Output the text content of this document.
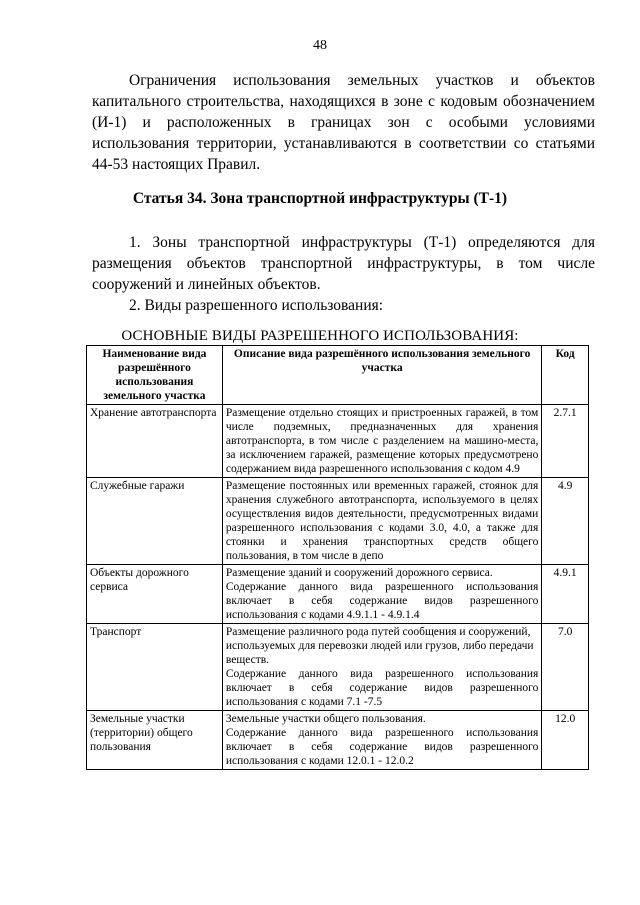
48

Ограничения использования земельных участков и объектов капитального строительства, находящихся в зоне с кодовым обозначением (И-1) и расположенных в границах зон с особыми условиями использования территории, устанавливаются в соответствии со статьями 44-53 настоящих Правил.

Статья 34. Зона транспортной инфраструктуры (Т-1)

1. Зоны транспортной инфраструктуры (Т-1) определяются для размещения объектов транспортной инфраструктуры, в том числе сооружений и линейных объектов.

2. Виды разрешенного использования:

ОСНОВНЫЕ ВИДЫ РАЗРЕШЕННОГО ИСПОЛЬЗОВАНИЯ:
Наименование вида разрешённого использования земельного участка	Описание вида разрешённого использования земельного участка	Код
Хранение автотранспорта	Размещение отдельно стоящих и пристроенных гаражей, в том числе подземных, предназначенных для хранения автотранспорта, в том числе с разделением на машино-места, за исключением гаражей, размещение которых предусмотрено содержанием вида разрешенного использования с кодом 4.9	2.7.1
Служебные гаражи	Размещение постоянных или временных гаражей, стоянок для хранения служебного автотранспорта, используемого в целях осуществления видов деятельности, предусмотренных видами разрешенного использования с кодами 3.0, 4.0, а также для стоянки и хранения транспортных средств общего пользования, в том числе в депо	4.9
Объекты дорожного сервиса	Размещение зданий и сооружений дорожного сервиса.
Содержание данного вида разрешенного использования включает в себя содержание видов разрешенного использования с кодами 4.9.1.1 - 4.9.1.4	4.9.1
Транспорт	Размещение различного рода путей сообщения и сооружений, используемых для перевозки людей или грузов, либо передачи веществ.
Содержание данного вида разрешенного использования включает в себя содержание видов разрешенного использования с кодами 7.1 -7.5	7.0
Земельные участки (территории) общего пользования	Земельные участки общего пользования.
Содержание данного вида разрешенного использования включает в себя содержание видов разрешенного использования с кодами 12.0.1 - 12.0.2	12.0
